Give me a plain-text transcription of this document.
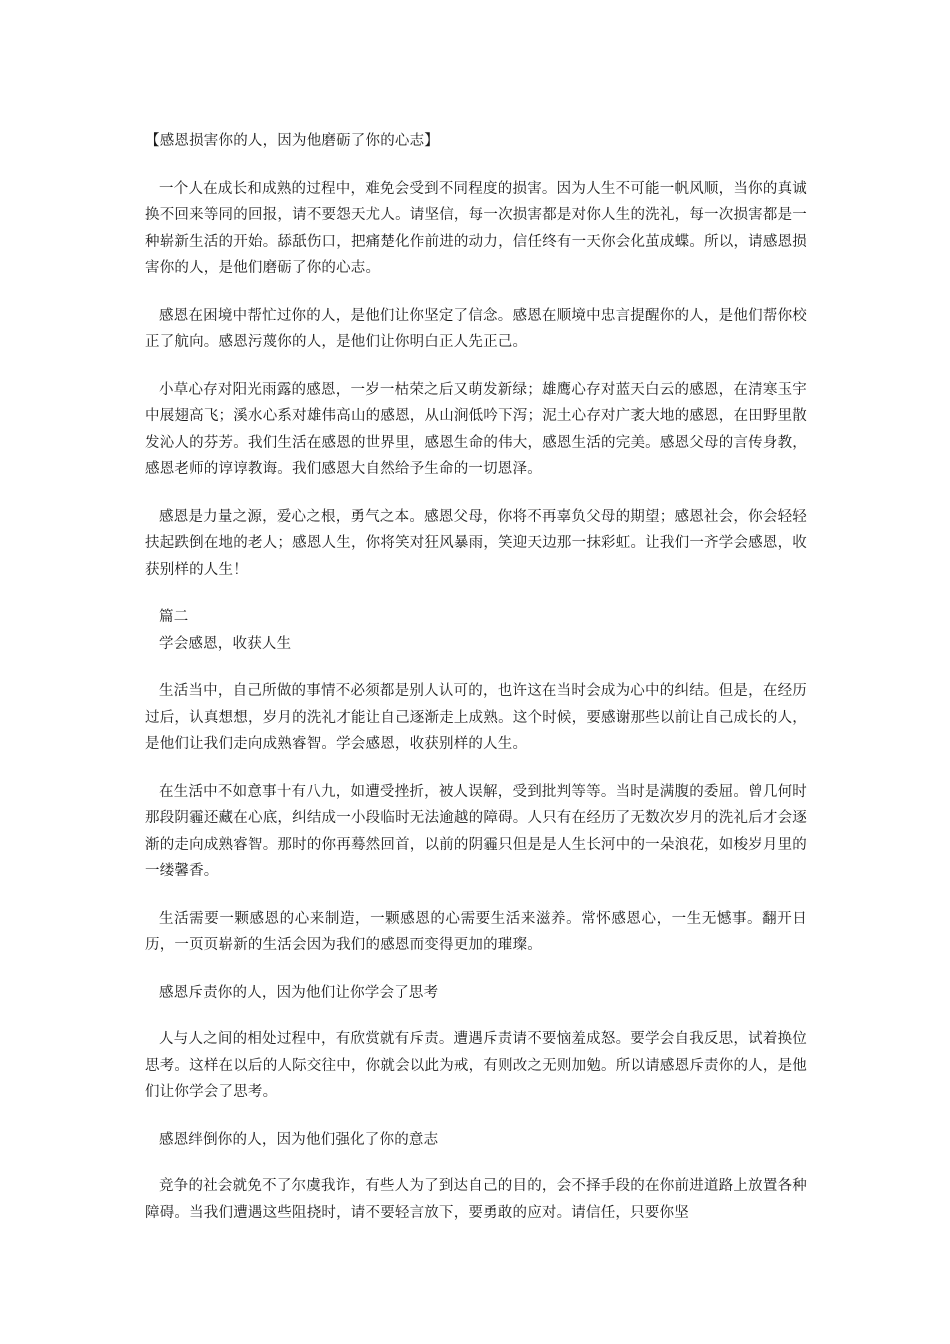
【感恩损害你的人，因为他磨砺了你的心志】

一个人在成长和成熟的过程中，难免会受到不同程度的损害。因为人生不可能一帆风顺，当你的真诚换不回来等同的回报，请不要怨天尤人。请坚信，每一次损害都是对你人生的洗礼，每一次损害都是一种崭新生活的开始。舔舐伤口，把痛楚化作前进的动力，信任终有一天你会化茧成蝶。所以，请感恩损害你的人，是他们磨砺了你的心志。

感恩在困境中帮忙过你的人，是他们让你坚定了信念。感恩在顺境中忠言提醒你的人，是他们帮你校正了航向。感恩污蔑你的人，是他们让你明白正人先正己。

小草心存对阳光雨露的感恩，一岁一枯荣之后又萌发新绿；雄鹰心存对蓝天白云的感恩，在清寒玉宇中展翅高飞；溪水心系对雄伟高山的感恩，从山涧低吟下泻；泥土心存对广袤大地的感恩，在田野里散发沁人的芬芳。我们生活在感恩的世界里，感恩生命的伟大，感恩生活的完美。感恩父母的言传身教，感恩老师的谆谆教诲。我们感恩大自然给予生命的一切恩泽。

感恩是力量之源，爱心之根，勇气之本。感恩父母，你将不再辜负父母的期望；感恩社会，你会轻轻扶起跌倒在地的老人；感恩人生，你将笑对狂风暴雨，笑迎天边那一抹彩虹。让我们一齐学会感恩，收获别样的人生！

篇二

学会感恩，收获人生

生活当中，自己所做的事情不必须都是别人认可的，也许这在当时会成为心中的纠结。但是，在经历过后，认真想想，岁月的洗礼才能让自己逐渐走上成熟。这个时候，要感谢那些以前让自己成长的人，是他们让我们走向成熟睿智。学会感恩，收获别样的人生。

在生活中不如意事十有八九，如遭受挫折，被人误解，受到批判等等。当时是满腹的委屈。曾几何时那段阴霾还藏在心底，纠结成一小段临时无法逾越的障碍。人只有在经历了无数次岁月的洗礼后才会逐渐的走向成熟睿智。那时的你再蓦然回首，以前的阴霾只但是是人生长河中的一朵浪花，如梭岁月里的一缕馨香。

生活需要一颗感恩的心来制造，一颗感恩的心需要生活来滋养。常怀感恩心，一生无憾事。翻开日历，一页页崭新的生活会因为我们的感恩而变得更加的璀璨。

感恩斥责你的人，因为他们让你学会了思考

人与人之间的相处过程中，有欣赏就有斥责。遭遇斥责请不要恼羞成怒。要学会自我反思，试着换位思考。这样在以后的人际交往中，你就会以此为戒，有则改之无则加勉。所以请感恩斥责你的人，是他们让你学会了思考。

感恩绊倒你的人，因为他们强化了你的意志

竞争的社会就免不了尔虞我诈，有些人为了到达自己的目的，会不择手段的在你前进道路上放置各种障碍。当我们遭遇这些阻挠时，请不要轻言放下，要勇敢的应对。请信任，只要你坚
